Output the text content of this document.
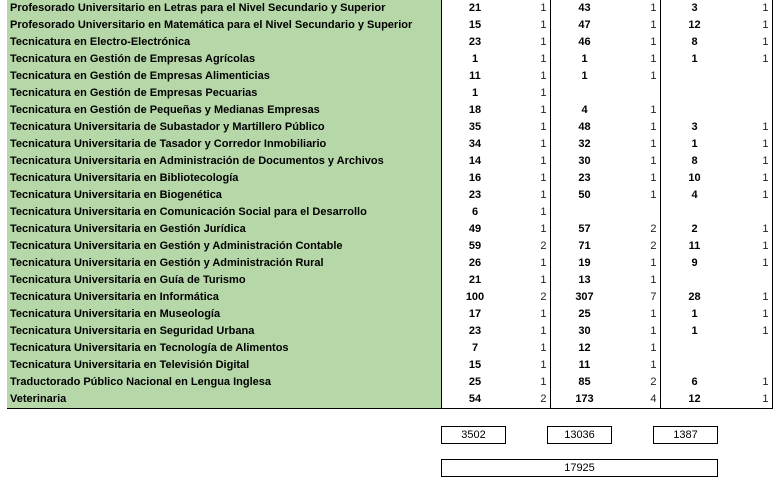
Profesorado Universitario en Letras para el Nivel Secundario y Superior	21	1	43	1	3	1
Profesorado Universitario en Matemática para el Nivel Secundario y Superior	15	1	47	1	12	1
Tecnicatura en Electro-Electrónica	23	1	46	1	8	1
Tecnicatura en Gestión de Empresas Agrícolas	1	1	1	1	1	1
Tecnicatura en Gestión de Empresas Alimenticias	11	1	1	1		
Tecnicatura en Gestión de Empresas Pecuarias	1	1				
Tecnicatura en Gestión de Pequeñas y Medianas Empresas	18	1	4	1		
Tecnicatura Universitaria de Subastador y Martillero Público	35	1	48	1	3	1
Tecnicatura Universitaria de Tasador y Corredor Inmobiliario	34	1	32	1	1	1
Tecnicatura Universitaria en Administración de Documentos y Archivos	14	1	30	1	8	1
Tecnicatura Universitaria en Bibliotecología	16	1	23	1	10	1
Tecnicatura Universitaria en Biogenética	23	1	50	1	4	1
Tecnicatura Universitaria en Comunicación Social para el Desarrollo	6	1				
Tecnicatura Universitaria en Gestión Jurídica	49	1	57	2	2	1
Tecnicatura Universitaria en Gestión y Administración Contable	59	2	71	2	11	1
Tecnicatura Universitaria en Gestión y Administración Rural	26	1	19	1	9	1
Tecnicatura Universitaria en Guía de Turismo	21	1	13	1		
Tecnicatura Universitaria en Informática	100	2	307	7	28	1
Tecnicatura Universitaria en Museología	17	1	25	1	1	1
Tecnicatura Universitaria en Seguridad Urbana	23	1	30	1	1	1
Tecnicatura Universitaria en Tecnología de Alimentos	7	1	12	1		
Tecnicatura Universitaria en Televisión Digital	15	1	11	1		
Traductorado Público Nacional en Lengua Inglesa	25	1	85	2	6	1
Veterinaria	54	2	173	4	12	1
3502	13036	1387
17925
